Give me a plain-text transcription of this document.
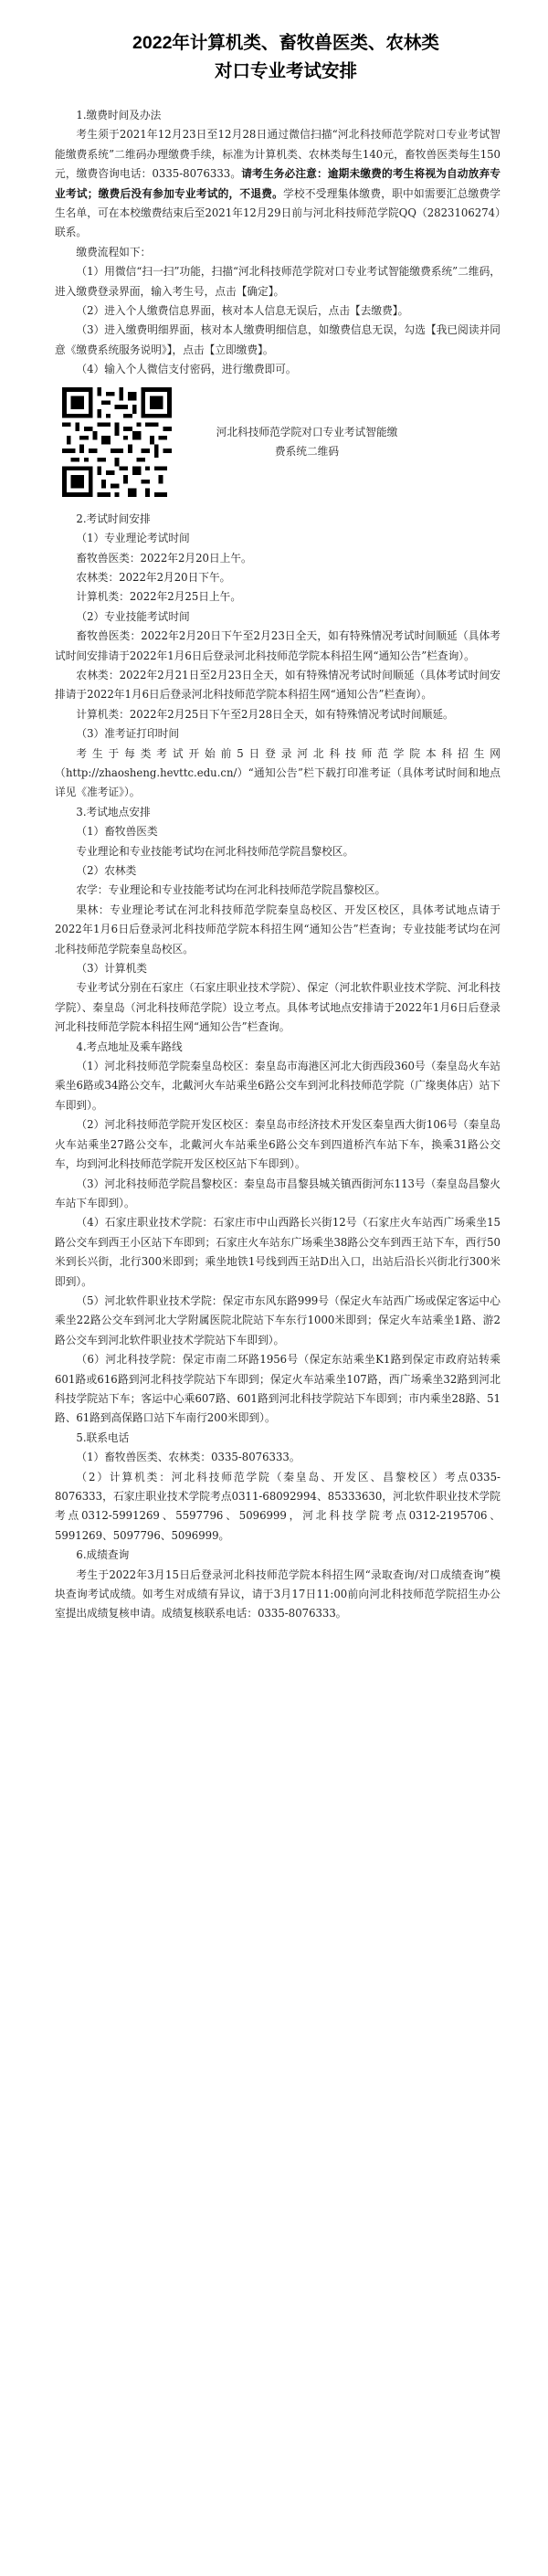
2022年计算机类、畜牧兽医类、农林类
对口专业考试安排

1.缴费时间及办法

考生须于2021年12月23日至12月28日通过微信扫描“河北科技师范学院对口专业考试智能缴费系统”二维码办理缴费手续，标准为计算机类、农林类每生140元，畜牧兽医类每生150元，缴费咨询电话：0335-8076333。请考生务必注意：逾期未缴费的考生将视为自动放弃专业考试；缴费后没有参加专业考试的，不退费。学校不受理集体缴费，职中如需要汇总缴费学生名单，可在本校缴费结束后至2021年12月29日前与河北科技师范学院QQ（2823106274）联系。

缴费流程如下：

（1）用微信“扫一扫”功能，扫描“河北科技师范学院对口专业考试智能缴费系统”二维码，进入缴费登录界面，输入考生号，点击【确定】。

（2）进入个人缴费信息界面，核对本人信息无误后，点击【去缴费】。

（3）进入缴费明细界面，核对本人缴费明细信息，如缴费信息无误，勾选【我已阅读并同意《缴费系统服务说明》】，点击【立即缴费】。

（4）输入个人微信支付密码，进行缴费即可。

河北科技师范学院对口专业考试智能缴费系统二维码

2.考试时间安排

（1）专业理论考试时间

畜牧兽医类：2022年2月20日上午。

农林类：2022年2月20日下午。

计算机类：2022年2月25日上午。

（2）专业技能考试时间

畜牧兽医类：2022年2月20日下午至2月23日全天，如有特殊情况考试时间顺延（具体考试时间安排请于2022年1月6日后登录河北科技师范学院本科招生网“通知公告”栏查询）。

农林类：2022年2月21日至2月23日全天，如有特殊情况考试时间顺延（具体考试时间安排请于2022年1月6日后登录河北科技师范学院本科招生网“通知公告”栏查询）。

计算机类：2022年2月25日下午至2月28日全天，如有特殊情况考试时间顺延。

（3）准考证打印时间

考生于每类考试开始前5日登录河北科技师范学院本科招生网（http://zhaosheng.hevttc.edu.cn/）“通知公告”栏下载打印准考证（具体考试时间和地点详见《准考证》）。

3.考试地点安排

（1）畜牧兽医类

专业理论和专业技能考试均在河北科技师范学院昌黎校区。

（2）农林类

农学：专业理论和专业技能考试均在河北科技师范学院昌黎校区。

果林：专业理论考试在河北科技师范学院秦皇岛校区、开发区校区，具体考试地点请于2022年1月6日后登录河北科技师范学院本科招生网“通知公告”栏查询；专业技能考试均在河北科技师范学院秦皇岛校区。

（3）计算机类

专业考试分别在石家庄（石家庄职业技术学院）、保定（河北软件职业技术学院、河北科技学院）、秦皇岛（河北科技师范学院）设立考点。具体考试地点安排请于2022年1月6日后登录河北科技师范学院本科招生网“通知公告”栏查询。

4.考点地址及乘车路线

（1）河北科技师范学院秦皇岛校区：秦皇岛市海港区河北大街西段360号（秦皇岛火车站乘坐6路或34路公交车，北戴河火车站乘坐6路公交车到河北科技师范学院（广缘奥体店）站下车即到）。

（2）河北科技师范学院开发区校区：秦皇岛市经济技术开发区秦皇西大街106号（秦皇岛火车站乘坐27路公交车，北戴河火车站乘坐6路公交车到四道桥汽车站下车，换乘31路公交车，均到河北科技师范学院开发区校区站下车即到）。

（3）河北科技师范学院昌黎校区：秦皇岛市昌黎县城关镇西街河东113号（秦皇岛昌黎火车站下车即到）。

（4）石家庄职业技术学院：石家庄市中山西路长兴街12号（石家庄火车站西广场乘坐15路公交车到西王小区站下车即到；石家庄火车站东广场乘坐38路公交车到西王站下车，西行50米到长兴街，北行300米即到；乘坐地铁1号线到西王站D出入口，出站后沿长兴街北行300米即到）。

（5）河北软件职业技术学院：保定市东风东路999号（保定火车站西广场或保定客运中心乘坐22路公交车到河北大学附属医院北院站下车东行1000米即到；保定火车站乘坐1路、游2路公交车到河北软件职业技术学院站下车即到）。

（6）河北科技学院：保定市南二环路1956号（保定东站乘坐K1路到保定市政府站转乘601路或616路到河北科技学院站下车即到；保定火车站乘坐107路，西广场乘坐32路到河北科技学院站下车；客运中心乘607路、601路到河北科技学院站下车即到；市内乘坐28路、51路、61路到高保路口站下车南行200米即到）。

5.联系电话

（1）畜牧兽医类、农林类：0335-8076333。

（2）计算机类：河北科技师范学院（秦皇岛、开发区、昌黎校区）考点0335-8076333，石家庄职业技术学院考点0311-68092994、85333630，河北软件职业技术学院考点0312-5991269、5597796、5096999，河北科技学院考点0312-2195706、5991269、5097796、5096999。

6.成绩查询

考生于2022年3月15日后登录河北科技师范学院本科招生网“录取查询/对口成绩查询”模块查询考试成绩。如考生对成绩有异议，请于3月17日11:00前向河北科技师范学院招生办公室提出成绩复核申请。成绩复核联系电话：0335-8076333。
